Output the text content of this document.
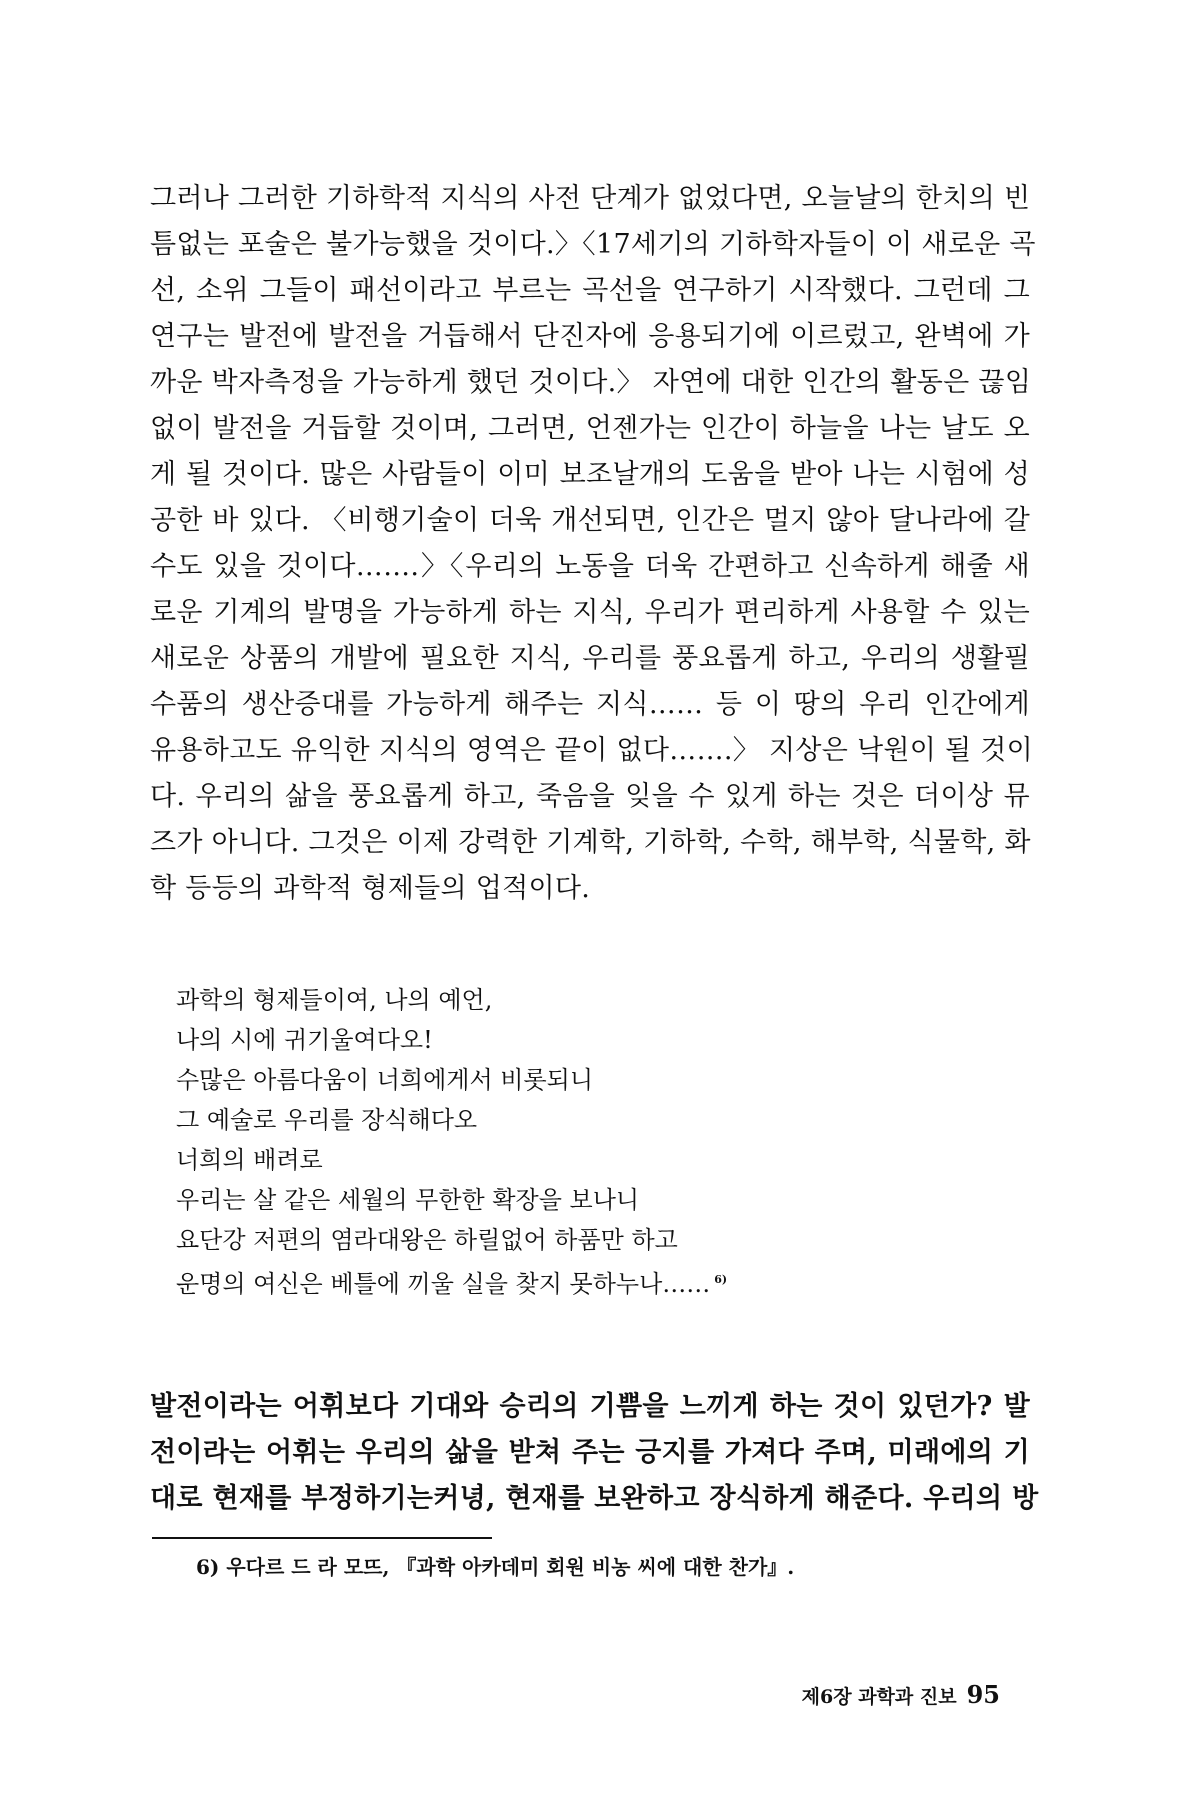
그러나 그러한 기하학적 지식의 사전 단계가 없었다면, 오늘날의 한치의 빈
틈없는 포술은 불가능했을 것이다.〉〈17세기의 기하학자들이 이 새로운 곡
선, 소위 그들이 패선이라고 부르는 곡선을 연구하기 시작했다. 그런데 그
연구는 발전에 발전을 거듭해서 단진자에 응용되기에 이르렀고, 완벽에 가
까운 박자측정을 가능하게 했던 것이다.〉 자연에 대한 인간의 활동은 끊임
없이 발전을 거듭할 것이며, 그러면, 언젠가는 인간이 하늘을 나는 날도 오
게 될 것이다. 많은 사람들이 이미 보조날개의 도움을 받아 나는 시험에 성
공한 바 있다. 〈비행기술이 더욱 개선되면, 인간은 멀지 않아 달나라에 갈
수도 있을 것이다…….〉〈우리의 노동을 더욱 간편하고 신속하게 해줄 새
로운 기계의 발명을 가능하게 하는 지식, 우리가 편리하게 사용할 수 있는
새로운 상품의 개발에 필요한 지식, 우리를 풍요롭게 하고, 우리의 생활필
수품의 생산증대를 가능하게 해주는 지식…… 등 이 땅의 우리 인간에게
유용하고도 유익한 지식의 영역은 끝이 없다…….〉 지상은 낙원이 될 것이
다. 우리의 삶을 풍요롭게 하고, 죽음을 잊을 수 있게 하는 것은 더이상 뮤
즈가 아니다. 그것은 이제 강력한 기계학, 기하학, 수학, 해부학, 식물학, 화
학 등등의 과학적 형제들의 업적이다.
과학의 형제들이여, 나의 예언,
나의 시에 귀기울여다오!
수많은 아름다움이 너희에게서 비롯되니
그 예술로 우리를 장식해다오
너희의 배려로
우리는 살 같은 세월의 무한한 확장을 보나니
요단강 저편의 염라대왕은 하릴없어 하품만 하고
운명의 여신은 베틀에 끼울 실을 찾지 못하누나…… $^{6)}$
발전이라는 어휘보다 기대와 승리의 기쁨을 느끼게 하는 것이 있던가? 발
전이라는 어휘는 우리의 삶을 받쳐 주는 긍지를 가져다 주며, 미래에의 기
대로 현재를 부정하기는커녕, 현재를 보완하고 장식하게 해준다. 우리의 방
6) 우다르 드 라 모뜨, 『과학 아카데미 회원 비농 씨에 대한 찬가』.
제6장 과학과 진보 95
